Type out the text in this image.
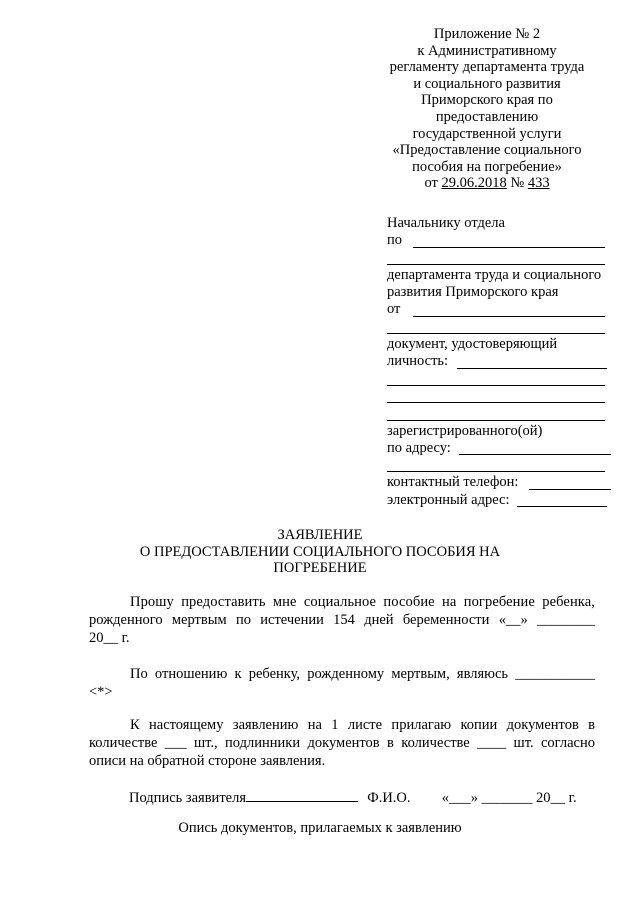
Приложение № 2
к Административному
регламенту департамента труда
и социального развития
Приморского края по
предоставлению
государственной услуги
«Предоставление социального
пособия на погребение»
от 29.06.2018 № 433
Начальнику отдела
по
департамента труда и социального
развития Приморского края
от
документ, удостоверяющий
личность:
зарегистрированного(ой)
по адресу:
контактный телефон:
электронный адрес:
ЗАЯВЛЕНИЕ
О ПРЕДОСТАВЛЕНИИ СОЦИАЛЬНОГО ПОСОБИЯ НА
ПОГРЕБЕНИЕ
Прошу предоставить мне социальное пособие на погребение ребенка,
рожденного мертвым по истечении 154 дней беременности «__» ________
20__ г.
По отношению к ребенку, рожденному мертвым, являюсь ___________
<*>
К настоящему заявлению на 1 листе прилагаю копии документов в
количестве ___ шт., подлинники документов в количестве ____ шт. согласно
описи на обратной стороне заявления.
Подпись заявителя	Ф.И.О. «___» _______ 20__ г.
Опись документов, прилагаемых к заявлению
